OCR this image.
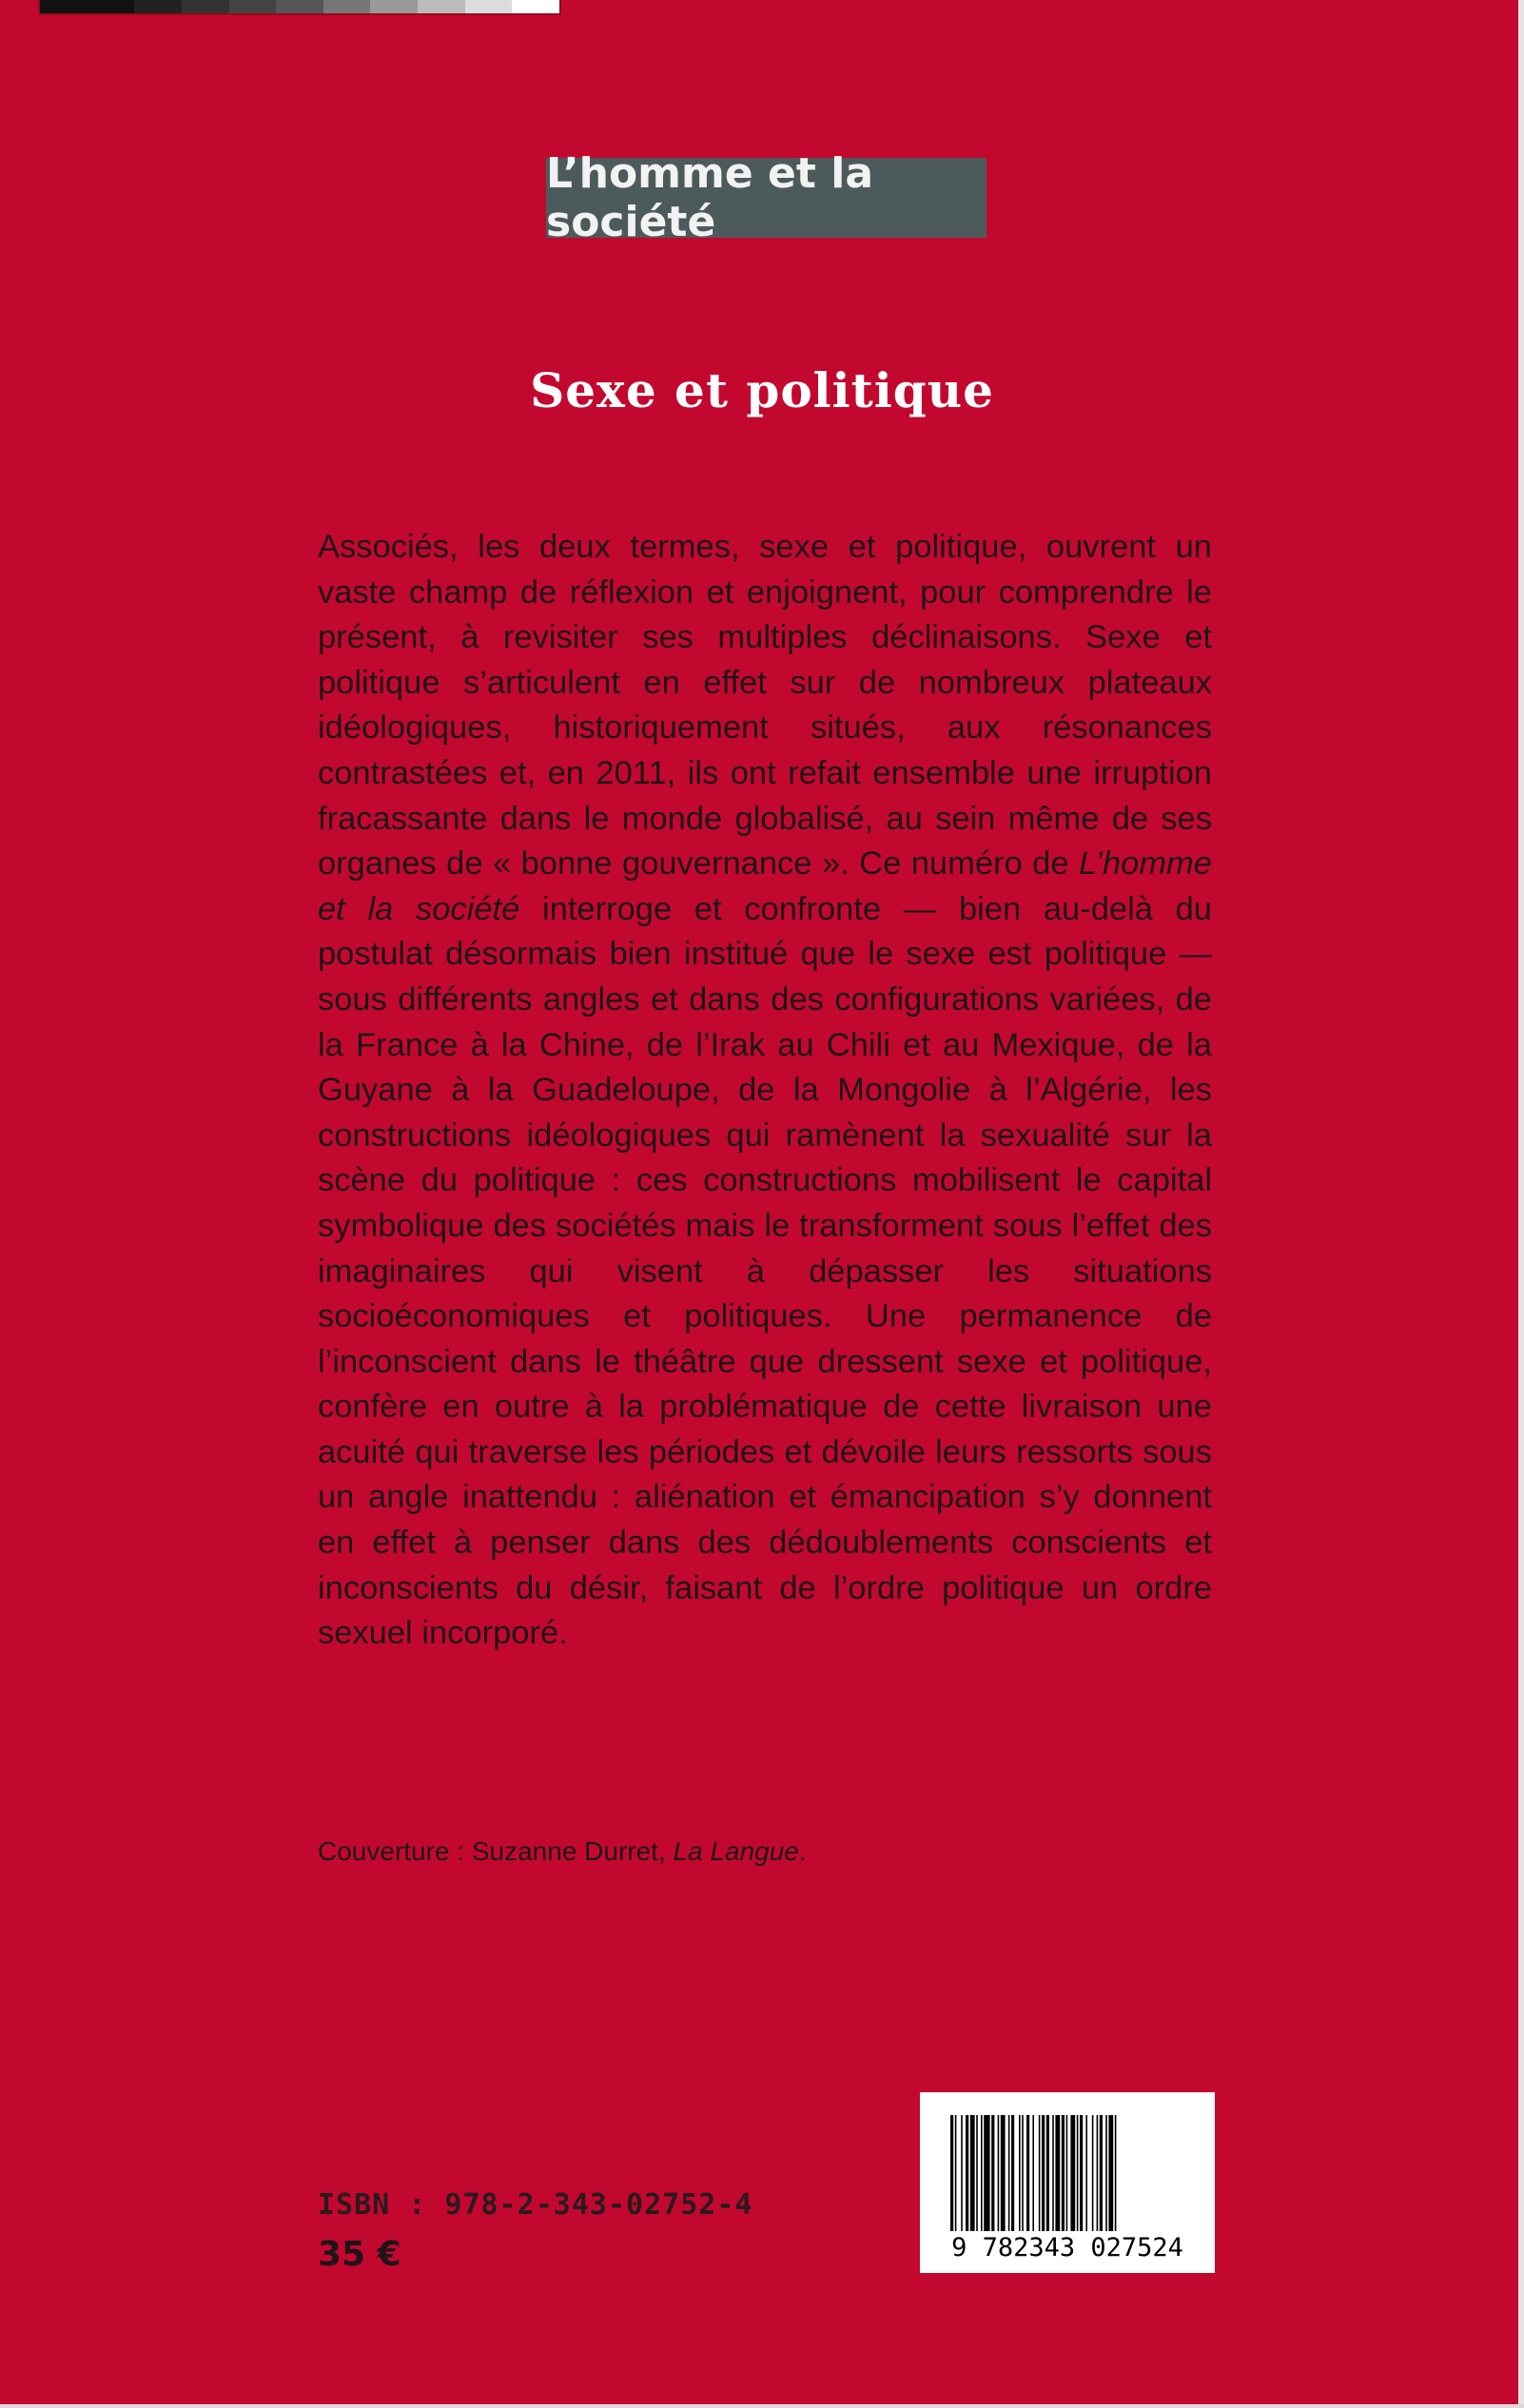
L’homme et la société
Sexe et politique

Associés, les deux termes, sexe et politique, ouvrent un vaste champ de réflexion et enjoignent, pour comprendre le présent, à revisiter ses multiples déclinaisons. Sexe et politique s’articulent en effet sur de nombreux plateaux idéologiques, historiquement situés, aux résonances contrastées et, en 2011, ils ont refait ensemble une irruption fracassante dans le monde globalisé, au sein même de ses organes de « bonne gouvernance ». Ce numéro de L’homme et la société interroge et confronte — bien au-delà du postulat désormais bien institué que le sexe est politique — sous différents angles et dans des configurations variées, de la France à la Chine, de l’Irak au Chili et au Mexique, de la Guyane à la Guadeloupe, de la Mongolie à l’Algérie, les constructions idéologiques qui ramènent la sexualité sur la scène du politique : ces constructions mobilisent le capital symbolique des sociétés mais le transforment sous l’effet des imaginaires qui visent à dépasser les situations socioéconomiques et politiques. Une permanence de l’inconscient dans le théâtre que dressent sexe et politique, confère en outre à la problématique de cette livraison une acuité qui traverse les périodes et dévoile leurs ressorts sous un angle inattendu : aliénation et émancipation s’y donnent en effet à penser dans des dédoublements conscients et inconscients du désir, faisant de l’ordre politique un ordre sexuel incorporé.

Couverture : Suzanne Durret, La Langue.
ISBN : 978-2-343-02752-4
35 €	9 782343 027524
